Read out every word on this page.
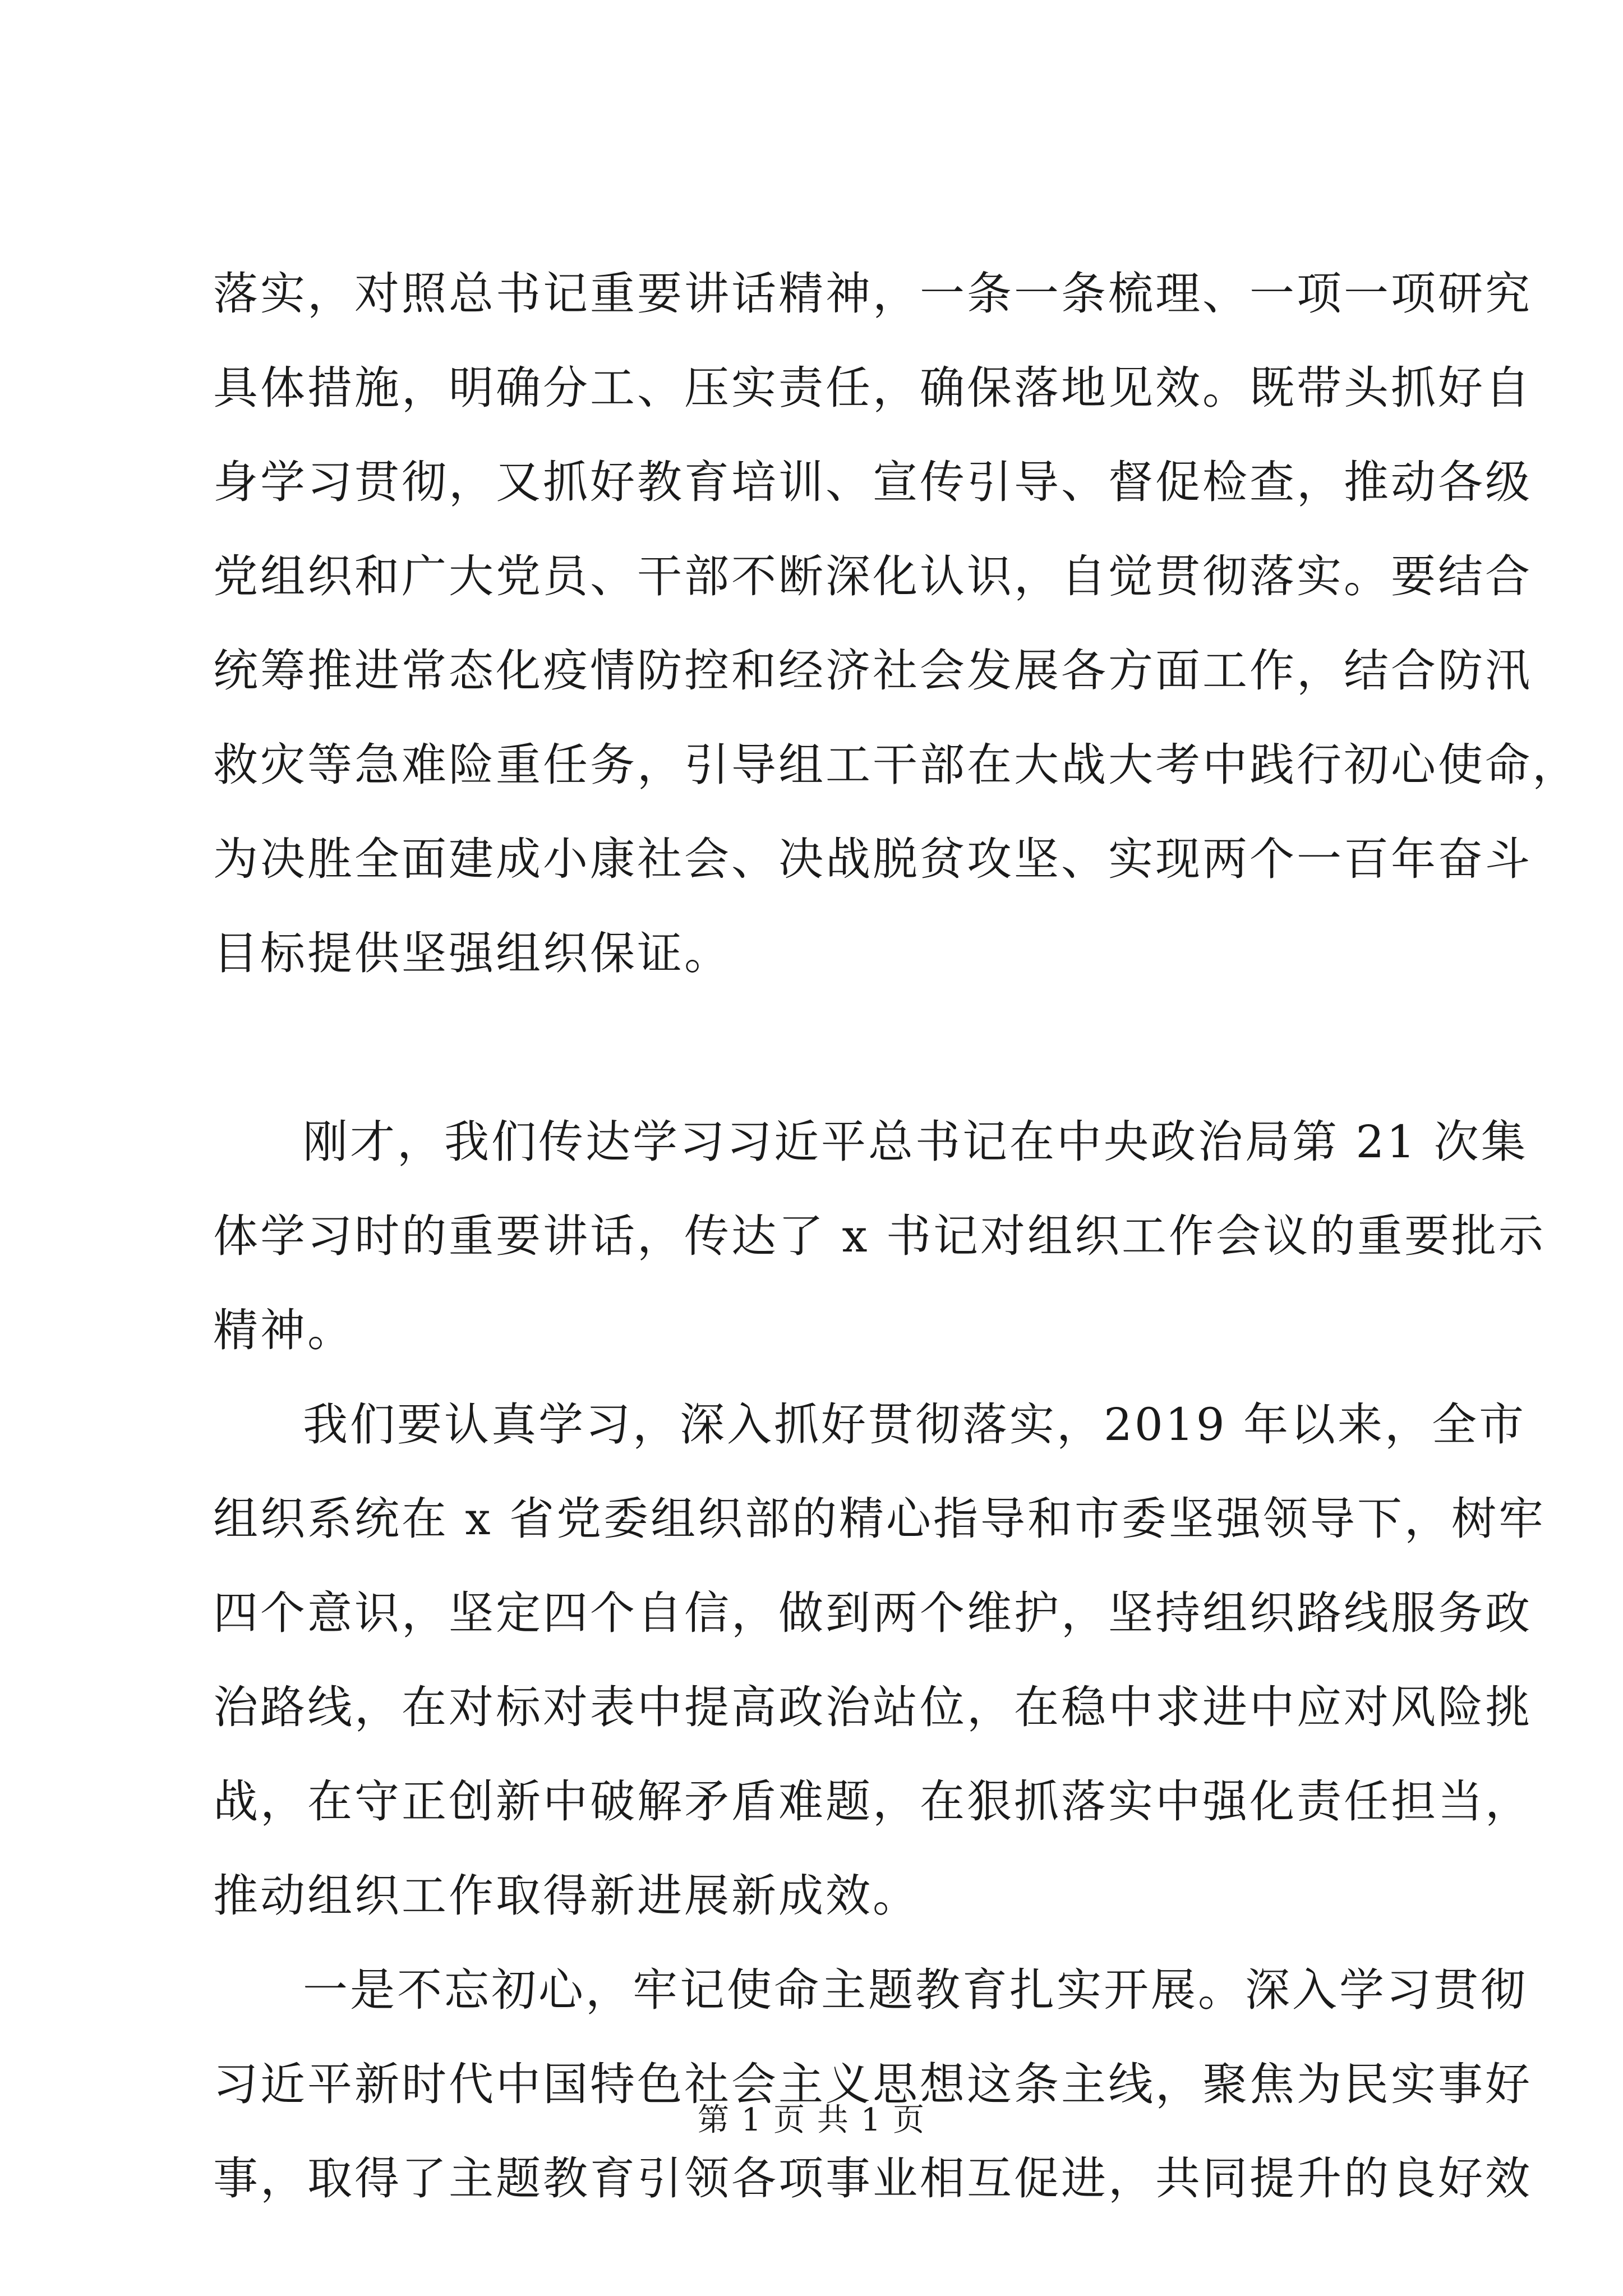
落实，对照总书记重要讲话精神，一条一条梳理、一项一项研究
具体措施，明确分工、压实责任，确保落地见效。既带头抓好自
身学习贯彻，又抓好教育培训、宣传引导、督促检查，推动各级
党组织和广大党员、干部不断深化认识，自觉贯彻落实。要结合
统筹推进常态化疫情防控和经济社会发展各方面工作，结合防汛
救灾等急难险重任务，引导组工干部在大战大考中践行初心使命，
为决胜全面建成小康社会、决战脱贫攻坚、实现两个一百年奋斗
目标提供坚强组织保证。
刚才，我们传达学习习近平总书记在中央政治局第 21 次集
体学习时的重要讲话，传达了 x 书记对组织工作会议的重要批示
精神。
我们要认真学习，深入抓好贯彻落实，2019 年以来，全市
组织系统在 x 省党委组织部的精心指导和市委坚强领导下，树牢
四个意识，坚定四个自信，做到两个维护，坚持组织路线服务政
治路线，在对标对表中提高政治站位，在稳中求进中应对风险挑
战，在守正创新中破解矛盾难题，在狠抓落实中强化责任担当，
推动组织工作取得新进展新成效。
一是不忘初心，牢记使命主题教育扎实开展。深入学习贯彻
习近平新时代中国特色社会主义思想这条主线，聚焦为民实事好
事，取得了主题教育引领各项事业相互促进，共同提升的良好效
第 1 页 共 1 页
